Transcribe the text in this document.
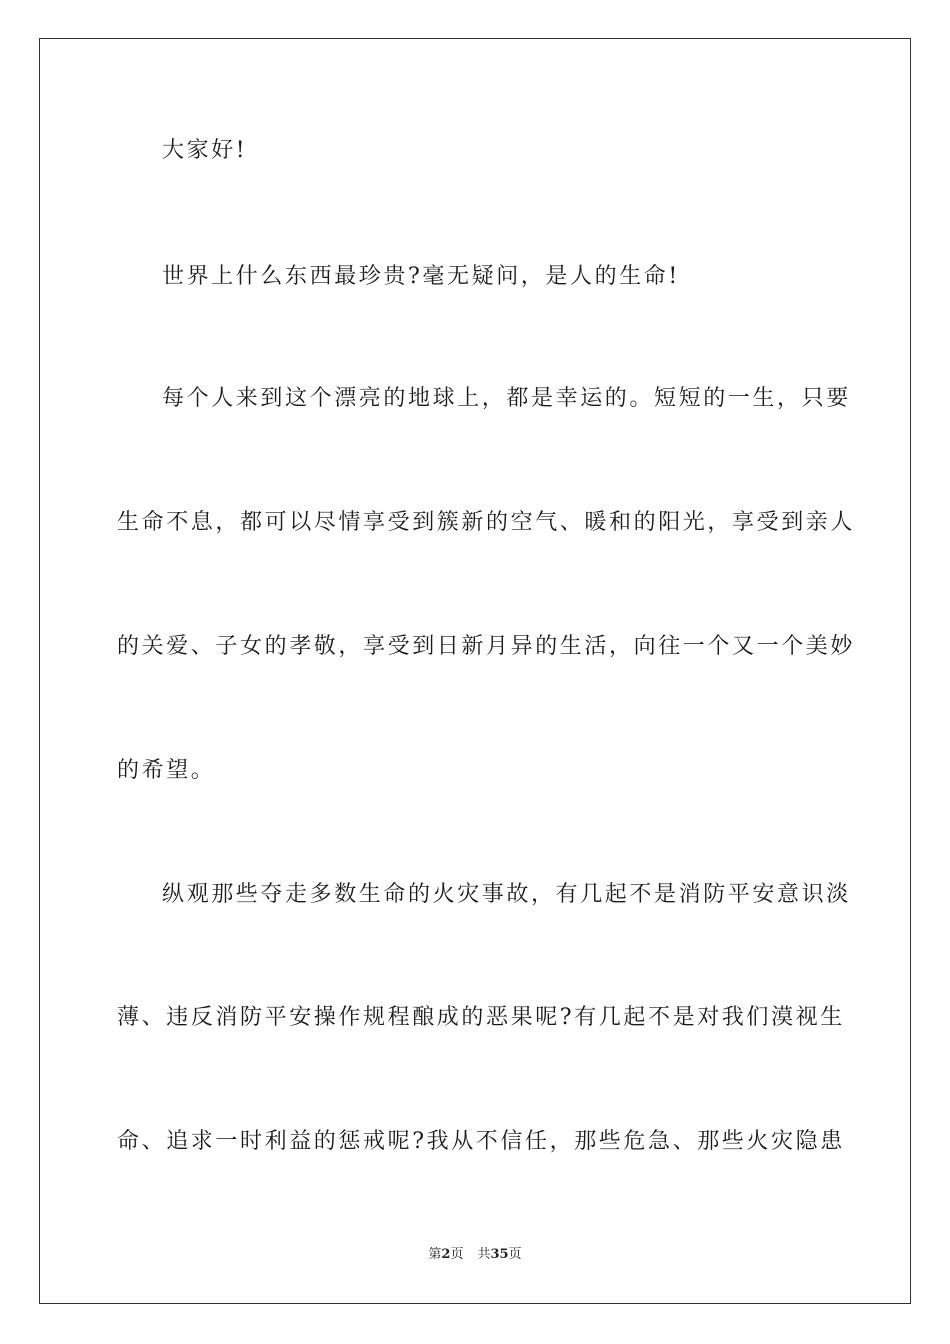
大家好!

世界上什么东西最珍贵?毫无疑问，是人的生命!

每个人来到这个漂亮的地球上，都是幸运的。短短的一生，只要

生命不息，都可以尽情享受到簇新的空气、暖和的阳光，享受到亲人

的关爱、子女的孝敬，享受到日新月异的生活，向往一个又一个美妙

的希望。

纵观那些夺走多数生命的火灾事故，有几起不是消防平安意识淡

薄、违反消防平安操作规程酿成的恶果呢?有几起不是对我们漠视生

命、追求一时利益的惩戒呢?我从不信任，那些危急、那些火灾隐患

第2页 共35页
